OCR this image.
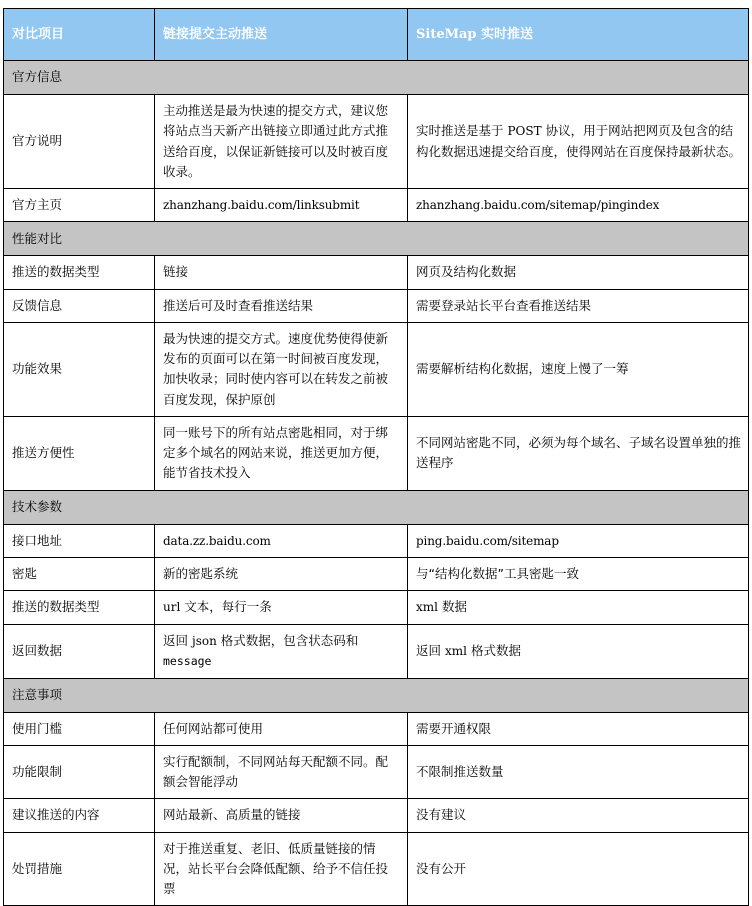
对比项目	链接提交主动推送	SiteMap 实时推送
官方信息		
官方说明	主动推送是最为快速的提交方式，建议您将站点当天新产出链接立即通过此方式推送给百度，以保证新链接可以及时被百度收录。	实时推送是基于 POST 协议，用于网站把网页及包含的结构化数据迅速提交给百度，使得网站在百度保持最新状态。
官方主页	zhanzhang.baidu.com/linksubmit	zhanzhang.baidu.com/sitemap/pingindex
性能对比		
推送的数据类型	链接	网页及结构化数据
反馈信息	推送后可及时查看推送结果	需要登录站长平台查看推送结果
功能效果	最为快速的提交方式。速度优势使得使新发布的页面可以在第一时间被百度发现，加快收录；同时使内容可以在转发之前被百度发现，保护原创	需要解析结构化数据，速度上慢了一筹
推送方便性	同一账号下的所有站点密匙相同，对于绑定多个域名的网站来说，推送更加方便，能节省技术投入	不同网站密匙不同，必须为每个域名、子域名设置单独的推送程序
技术参数		
接口地址	data.zz.baidu.com	ping.baidu.com/sitemap
密匙	新的密匙系统	与“结构化数据”工具密匙一致
推送的数据类型	url 文本，每行一条	xml 数据
返回数据	返回 json 格式数据，包含状态码和 message	返回 xml 格式数据
注意事项		
使用门槛	任何网站都可使用	需要开通权限
功能限制	实行配额制，不同网站每天配额不同。配额会智能浮动	不限制推送数量
建议推送的内容	网站最新、高质量的链接	没有建议
处罚措施	对于推送重复、老旧、低质量链接的情况，站长平台会降低配额、给予不信任投票	没有公开
